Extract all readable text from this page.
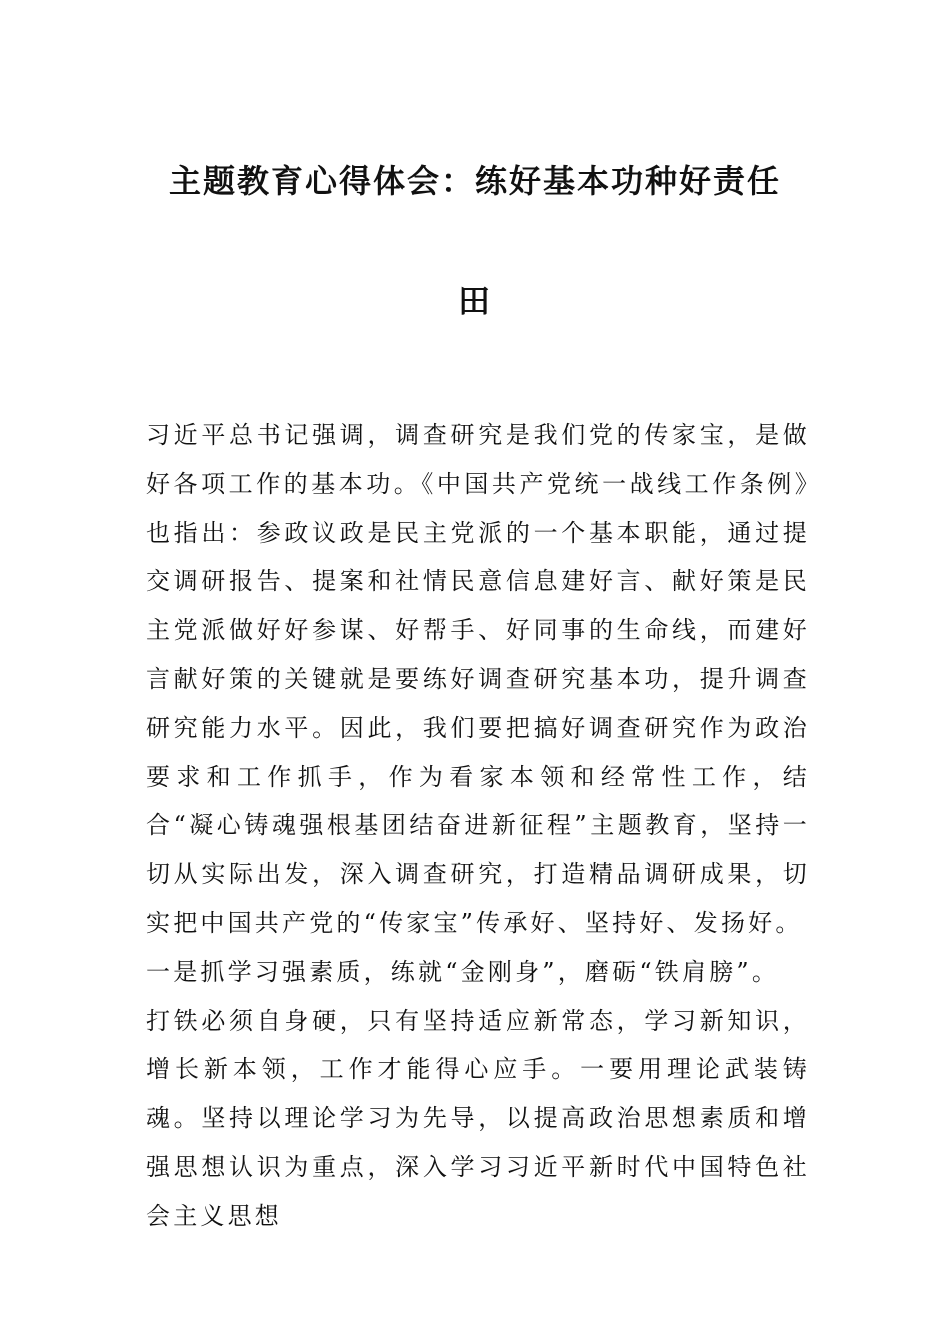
主题教育心得体会：练好基本功种好责任
田

习近平总书记强调，调查研究是我们党的传家宝，是做好各项工作的基本功。《中国共产党统一战线工作条例》也指出：参政议政是民主党派的一个基本职能，通过提交调研报告、提案和社情民意信息建好言、献好策是民主党派做好好参谋、好帮手、好同事的生命线，而建好言献好策的关键就是要练好调查研究基本功，提升调查研究能力水平。因此，我们要把搞好调查研究作为政治要求和工作抓手，作为看家本领和经常性工作，结合“凝心铸魂强根基团结奋进新征程”主题教育，坚持一切从实际出发，深入调查研究，打造精品调研成果，切实把中国共产党的“传家宝”传承好、坚持好、发扬好。

一是抓学习强素质，练就“金刚身”，磨砺“铁肩膀”。

打铁必须自身硬，只有坚持适应新常态，学习新知识，增长新本领，工作才能得心应手。一要用理论武装铸魂。坚持以理论学习为先导，以提高政治思想素质和增强思想认识为重点，深入学习习近平新时代中国特色社会主义思想
